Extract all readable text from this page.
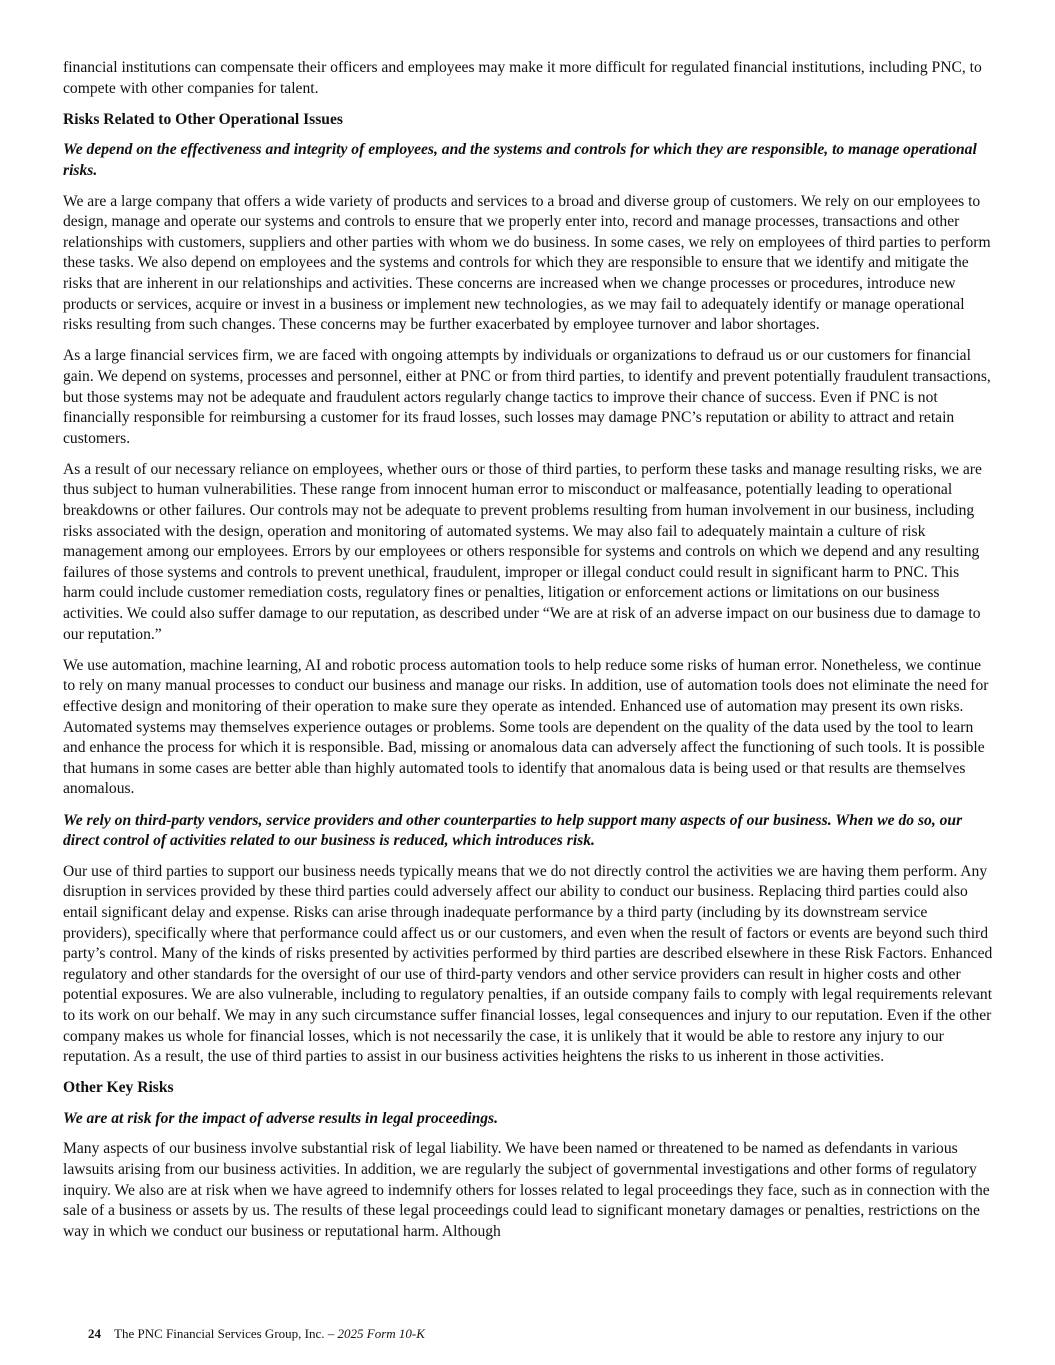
financial institutions can compensate their officers and employees may make it more difficult for regulated financial institutions, including PNC, to compete with other companies for talent.

Risks Related to Other Operational Issues
We depend on the effectiveness and integrity of employees, and the systems and controls for which they are responsible, to manage operational risks.

We are a large company that offers a wide variety of products and services to a broad and diverse group of customers. We rely on our employees to design, manage and operate our systems and controls to ensure that we properly enter into, record and manage processes, transactions and other relationships with customers, suppliers and other parties with whom we do business. In some cases, we rely on employees of third parties to perform these tasks. We also depend on employees and the systems and controls for which they are responsible to ensure that we identify and mitigate the risks that are inherent in our relationships and activities. These concerns are increased when we change processes or procedures, introduce new products or services, acquire or invest in a business or implement new technologies, as we may fail to adequately identify or manage operational risks resulting from such changes. These concerns may be further exacerbated by employee turnover and labor shortages.

As a large financial services firm, we are faced with ongoing attempts by individuals or organizations to defraud us or our customers for financial gain. We depend on systems, processes and personnel, either at PNC or from third parties, to identify and prevent potentially fraudulent transactions, but those systems may not be adequate and fraudulent actors regularly change tactics to improve their chance of success. Even if PNC is not financially responsible for reimbursing a customer for its fraud losses, such losses may damage PNC’s reputation or ability to attract and retain customers.

As a result of our necessary reliance on employees, whether ours or those of third parties, to perform these tasks and manage resulting risks, we are thus subject to human vulnerabilities. These range from innocent human error to misconduct or malfeasance, potentially leading to operational breakdowns or other failures. Our controls may not be adequate to prevent problems resulting from human involvement in our business, including risks associated with the design, operation and monitoring of automated systems. We may also fail to adequately maintain a culture of risk management among our employees. Errors by our employees or others responsible for systems and controls on which we depend and any resulting failures of those systems and controls to prevent unethical, fraudulent, improper or illegal conduct could result in significant harm to PNC. This harm could include customer remediation costs, regulatory fines or penalties, litigation or enforcement actions or limitations on our business activities. We could also suffer damage to our reputation, as described under “We are at risk of an adverse impact on our business due to damage to our reputation.”

We use automation, machine learning, AI and robotic process automation tools to help reduce some risks of human error. Nonetheless, we continue to rely on many manual processes to conduct our business and manage our risks. In addition, use of automation tools does not eliminate the need for effective design and monitoring of their operation to make sure they operate as intended. Enhanced use of automation may present its own risks. Automated systems may themselves experience outages or problems. Some tools are dependent on the quality of the data used by the tool to learn and enhance the process for which it is responsible. Bad, missing or anomalous data can adversely affect the functioning of such tools. It is possible that humans in some cases are better able than highly automated tools to identify that anomalous data is being used or that results are themselves anomalous.

We rely on third-party vendors, service providers and other counterparties to help support many aspects of our business. When we do so, our direct control of activities related to our business is reduced, which introduces risk.

Our use of third parties to support our business needs typically means that we do not directly control the activities we are having them perform. Any disruption in services provided by these third parties could adversely affect our ability to conduct our business. Replacing third parties could also entail significant delay and expense. Risks can arise through inadequate performance by a third party (including by its downstream service providers), specifically where that performance could affect us or our customers, and even when the result of factors or events are beyond such third party’s control. Many of the kinds of risks presented by activities performed by third parties are described elsewhere in these Risk Factors. Enhanced regulatory and other standards for the oversight of our use of third-party vendors and other service providers can result in higher costs and other potential exposures. We are also vulnerable, including to regulatory penalties, if an outside company fails to comply with legal requirements relevant to its work on our behalf. We may in any such circumstance suffer financial losses, legal consequences and injury to our reputation. Even if the other company makes us whole for financial losses, which is not necessarily the case, it is unlikely that it would be able to restore any injury to our reputation. As a result, the use of third parties to assist in our business activities heightens the risks to us inherent in those activities.

Other Key Risks
We are at risk for the impact of adverse results in legal proceedings.

Many aspects of our business involve substantial risk of legal liability. We have been named or threatened to be named as defendants in various lawsuits arising from our business activities. In addition, we are regularly the subject of governmental investigations and other forms of regulatory inquiry. We also are at risk when we have agreed to indemnify others for losses related to legal proceedings they face, such as in connection with the sale of a business or assets by us. The results of these legal proceedings could lead to significant monetary damages or penalties, restrictions on the way in which we conduct our business or reputational harm. Although

24 The PNC Financial Services Group, Inc. – 2025 Form 10-K
